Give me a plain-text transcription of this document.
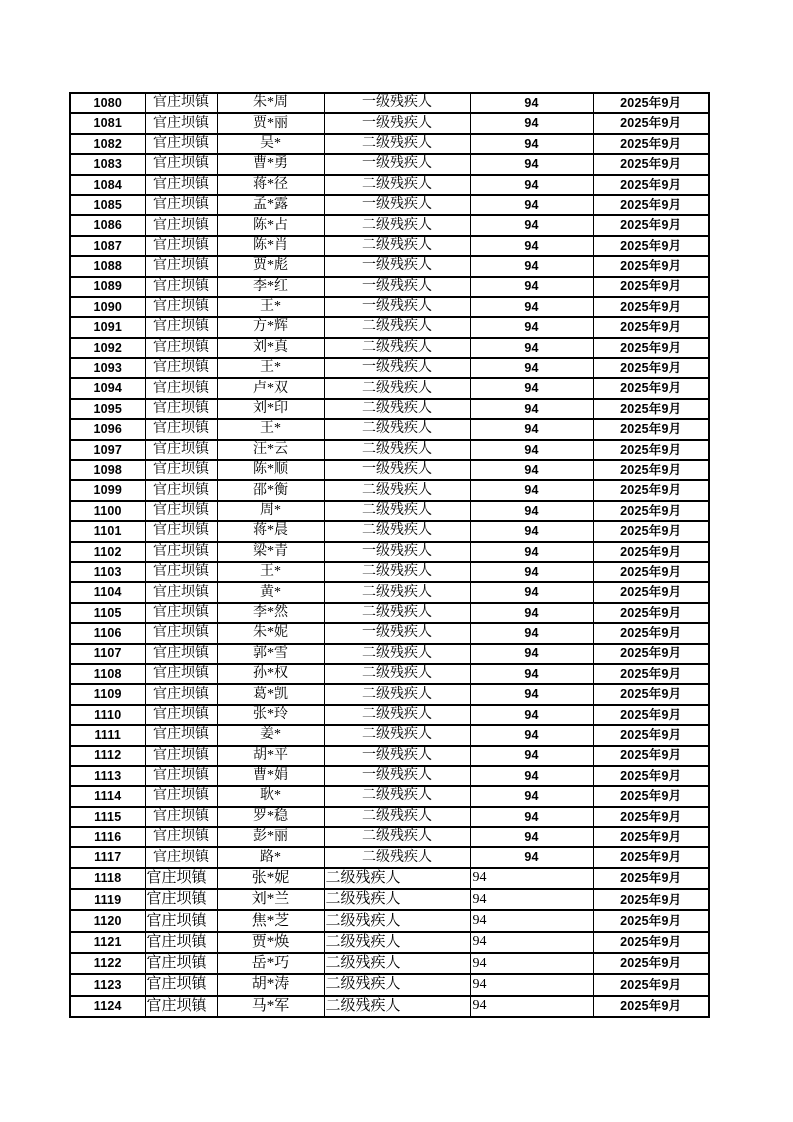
1080	官庄坝镇	朱*周	一级残疾人	94	2025年9月
1081	官庄坝镇	贾*丽	一级残疾人	94	2025年9月
1082	官庄坝镇	吴*	二级残疾人	94	2025年9月
1083	官庄坝镇	曹*勇	一级残疾人	94	2025年9月
1084	官庄坝镇	蒋*径	二级残疾人	94	2025年9月
1085	官庄坝镇	孟*露	一级残疾人	94	2025年9月
1086	官庄坝镇	陈*占	二级残疾人	94	2025年9月
1087	官庄坝镇	陈*肖	二级残疾人	94	2025年9月
1088	官庄坝镇	贾*彪	一级残疾人	94	2025年9月
1089	官庄坝镇	李*红	一级残疾人	94	2025年9月
1090	官庄坝镇	王*	一级残疾人	94	2025年9月
1091	官庄坝镇	方*辉	二级残疾人	94	2025年9月
1092	官庄坝镇	刘*真	二级残疾人	94	2025年9月
1093	官庄坝镇	王*	一级残疾人	94	2025年9月
1094	官庄坝镇	卢*双	二级残疾人	94	2025年9月
1095	官庄坝镇	刘*印	二级残疾人	94	2025年9月
1096	官庄坝镇	王*	二级残疾人	94	2025年9月
1097	官庄坝镇	汪*云	二级残疾人	94	2025年9月
1098	官庄坝镇	陈*顺	一级残疾人	94	2025年9月
1099	官庄坝镇	邵*衡	二级残疾人	94	2025年9月
1100	官庄坝镇	周*	二级残疾人	94	2025年9月
1101	官庄坝镇	蒋*晨	二级残疾人	94	2025年9月
1102	官庄坝镇	梁*青	一级残疾人	94	2025年9月
1103	官庄坝镇	王*	二级残疾人	94	2025年9月
1104	官庄坝镇	黄*	二级残疾人	94	2025年9月
1105	官庄坝镇	李*然	二级残疾人	94	2025年9月
1106	官庄坝镇	朱*妮	一级残疾人	94	2025年9月
1107	官庄坝镇	郭*雪	二级残疾人	94	2025年9月
1108	官庄坝镇	孙*权	二级残疾人	94	2025年9月
1109	官庄坝镇	葛*凯	二级残疾人	94	2025年9月
1110	官庄坝镇	张*玲	二级残疾人	94	2025年9月
1111	官庄坝镇	姜*	二级残疾人	94	2025年9月
1112	官庄坝镇	胡*平	一级残疾人	94	2025年9月
1113	官庄坝镇	曹*娟	一级残疾人	94	2025年9月
1114	官庄坝镇	耿*	二级残疾人	94	2025年9月
1115	官庄坝镇	罗*稳	二级残疾人	94	2025年9月
1116	官庄坝镇	彭*丽	二级残疾人	94	2025年9月
1117	官庄坝镇	路*	二级残疾人	94	2025年9月
1118	官庄坝镇	张*妮	二级残疾人	94	2025年9月
1119	官庄坝镇	刘*兰	二级残疾人	94	2025年9月
1120	官庄坝镇	焦*芝	二级残疾人	94	2025年9月
1121	官庄坝镇	贾*焕	二级残疾人	94	2025年9月
1122	官庄坝镇	岳*巧	二级残疾人	94	2025年9月
1123	官庄坝镇	胡*涛	二级残疾人	94	2025年9月
1124	官庄坝镇	马*军	二级残疾人	94	2025年9月
